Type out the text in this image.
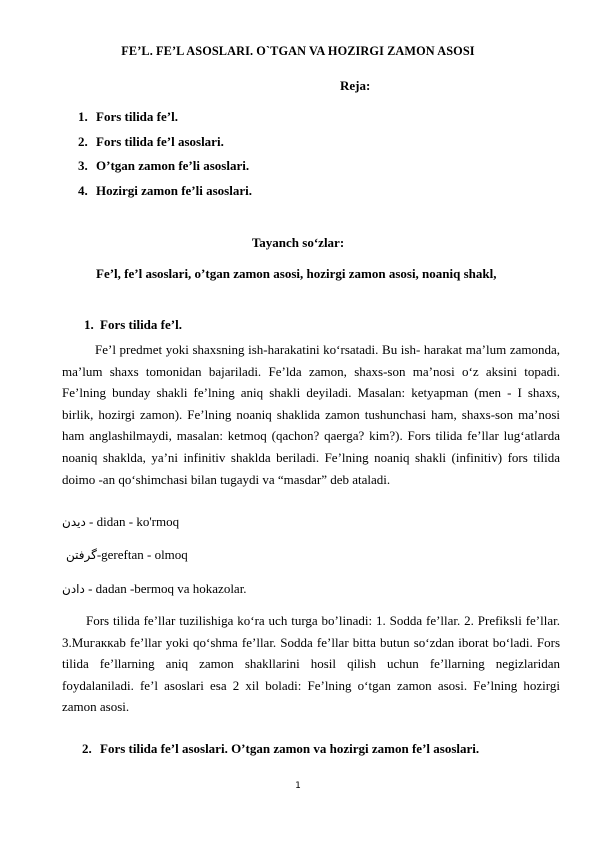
FE’L. FE’L ASOSLARI. O`TGAN VA HOZIRGI ZAMON ASOSI
Reja:
1. Fors tilida fe’l.
2. Fors tilida fe’l asoslari.
3. O’tgan zamon fe’li asoslari.
4. Hozirgi zamon fe’li asoslari.
Tayanch so‘zlar:
Fe’l, fe’l asoslari, o’tgan zamon asosi, hozirgi zamon asosi, noaniq shakl,
1. Fors tilida fe’l.

Fe’l predmet yoki shaxsning ish-harakatini ko‘rsatadi. Bu ish- harakat ma’lum zamonda, ma’lum shaxs tomonidan bajariladi. Fe’lda zamon, shaxs-son ma’nosi o‘z aksini topadi. Fe’lning bunday shakli fe’lning aniq shakli deyiladi. Masalan: ketyapman (men - I shaxs, birlik, hozirgi zamon). Fe’lning noaniq shaklida zamon tushunchasi ham, shaxs-son ma’nosi ham anglashilmaydi, masalan: ketmoq (qachon? qaerga? kim?). Fors tilida fe’llar lug‘atlarda noaniq shaklda, ya’ni infinitiv shaklda beriladi. Fe’lning noaniq shakli (infinitiv) fors tilida doimo -an qo‘shimchasi bilan tugaydi va “masdar” deb ataladi.

دیدن - didan - ko'rmoq
گرفتن-gereftan - olmoq
دادن - dadan -bermoq va hokazolar.

Fors tilida fe’llar tuzilishiga ko‘ra uch turga bo’linadi: 1. Sodda fe’llar. 2. Prefiksli fe’llar. 3.Мuгaккab fe’llar yoki qo‘shma fe’llar. Sodda fe’llar bitta butun so‘zdan iborat bo‘ladi. Fors tilida fe’llarning aniq zamon shakllarini hosil qilish uchun fe’llarning negizlaridan foydalaniladi. fe’l asoslari esa 2 xil boladi: Fe’lning o‘tgan zamon asosi. Fe’lning hozirgi zamon asosi.

2. Fors tilida fe’l asoslari. O’tgan zamon va hozirgi zamon fe’l asoslari.
1
